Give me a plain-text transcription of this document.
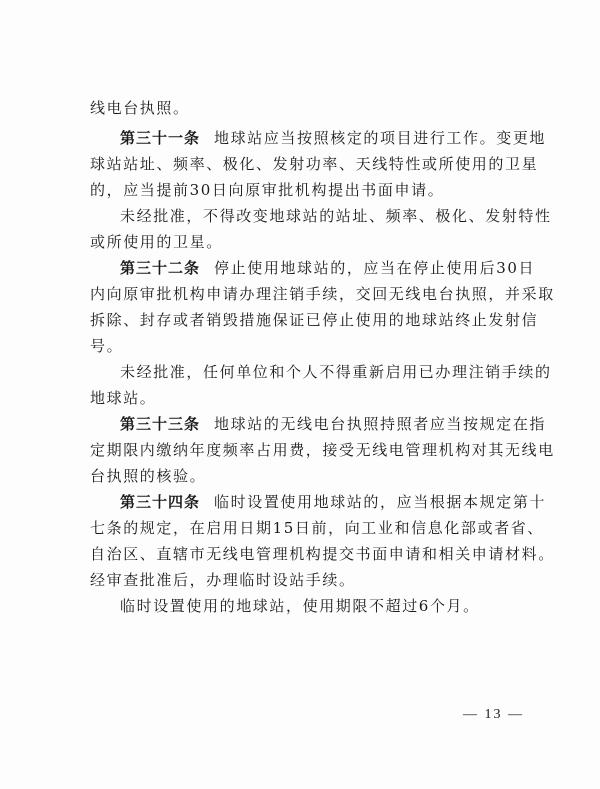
线电台执照。
第三十一条 地球站应当按照核定的项目进行工作。变更地
球站站址、频率、极化、发射功率、天线特性或所使用的卫星
的，应当提前30日向原审批机构提出书面申请。
未经批准，不得改变地球站的站址、频率、极化、发射特性
或所使用的卫星。
第三十二条 停止使用地球站的，应当在停止使用后30日
内向原审批机构申请办理注销手续，交回无线电台执照，并采取
拆除、封存或者销毁措施保证已停止使用的地球站终止发射信
号。
未经批准，任何单位和个人不得重新启用已办理注销手续的
地球站。
第三十三条 地球站的无线电台执照持照者应当按规定在指
定期限内缴纳年度频率占用费，接受无线电管理机构对其无线电
台执照的核验。
第三十四条 临时设置使用地球站的，应当根据本规定第十
七条的规定，在启用日期15日前，向工业和信息化部或者省、
自治区、直辖市无线电管理机构提交书面申请和相关申请材料。
经审查批准后，办理临时设站手续。
临时设置使用的地球站，使用期限不超过6个月。
— 13 —
